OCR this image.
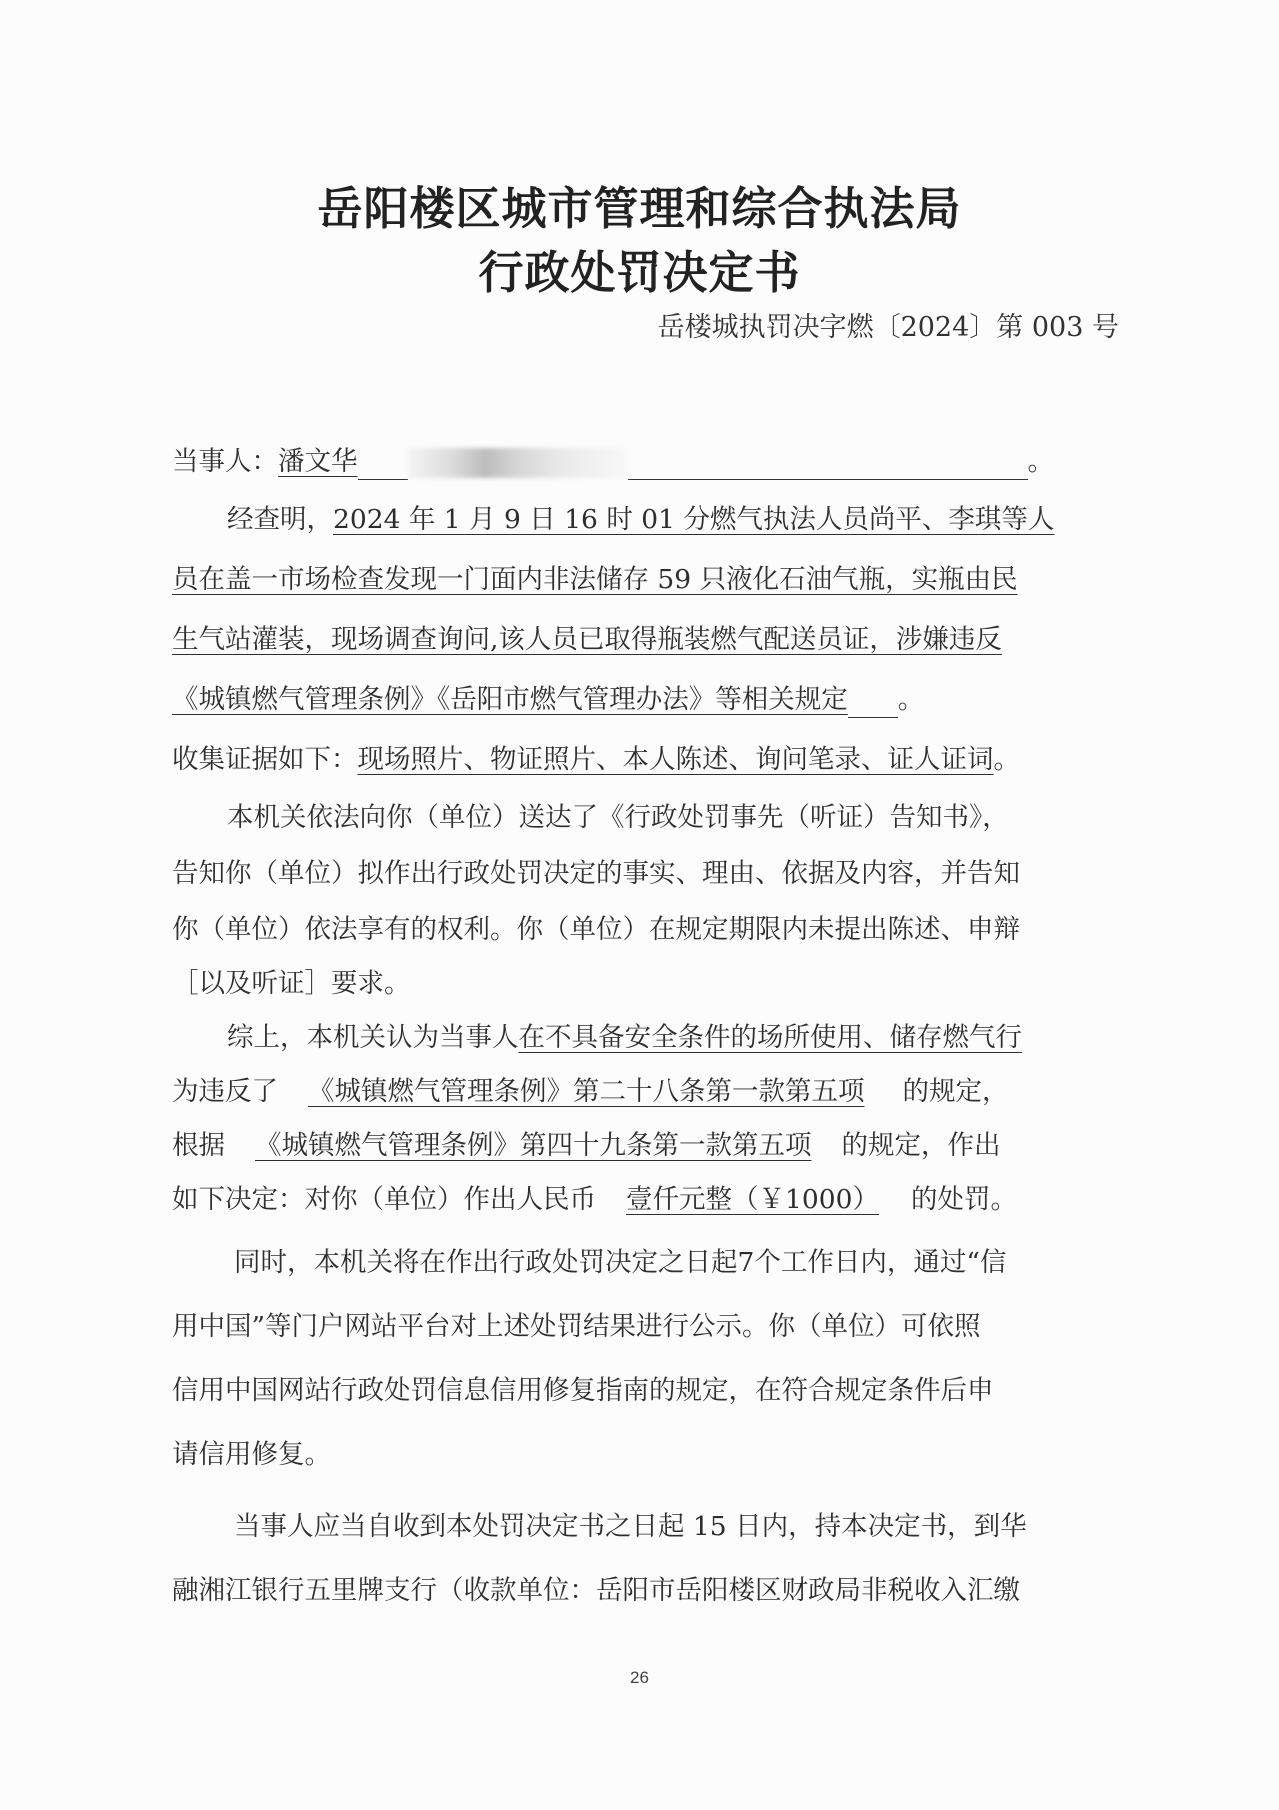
岳阳楼区城市管理和综合执法局
行政处罚决定书
岳楼城执罚决字燃〔2024〕第 003 号
当事人：潘文华	。
经查明，2024 年 1 月 9 日 16 时 01 分燃气执法人员尚平、李琪等人
员在盖一市场检查发现一门面内非法储存 59 只液化石油气瓶，实瓶由民
生气站灌装，现场调查询问,该人员已取得瓶装燃气配送员证，涉嫌违反
《城镇燃气管理条例》《岳阳市燃气管理办法》等相关规定 。
收集证据如下：现场照片、物证照片、本人陈述、询问笔录、证人证词。
本机关依法向你（单位）送达了《行政处罚事先（听证）告知书》，
告知你（单位）拟作出行政处罚决定的事实、理由、依据及内容，并告知
你（单位）依法享有的权利。你（单位）在规定期限内未提出陈述、申辩
［以及听证］要求。
综上，本机关认为当事人在不具备安全条件的场所使用、储存燃气行
为违反了 《城镇燃气管理条例》第二十八条第一款第五项 的规定，
根据 《城镇燃气管理条例》第四十九条第一款第五项 的规定，作出
如下决定：对你（单位）作出人民币 壹仟元整（￥1000） 的处罚。
同时，本机关将在作出行政处罚决定之日起7个工作日内，通过“信
用中国”等门户网站平台对上述处罚结果进行公示。你（单位）可依照
信用中国网站行政处罚信息信用修复指南的规定，在符合规定条件后申
请信用修复。
当事人应当自收到本处罚决定书之日起 15 日内，持本决定书，到华
融湘江银行五里牌支行（收款单位：岳阳市岳阳楼区财政局非税收入汇缴
26
